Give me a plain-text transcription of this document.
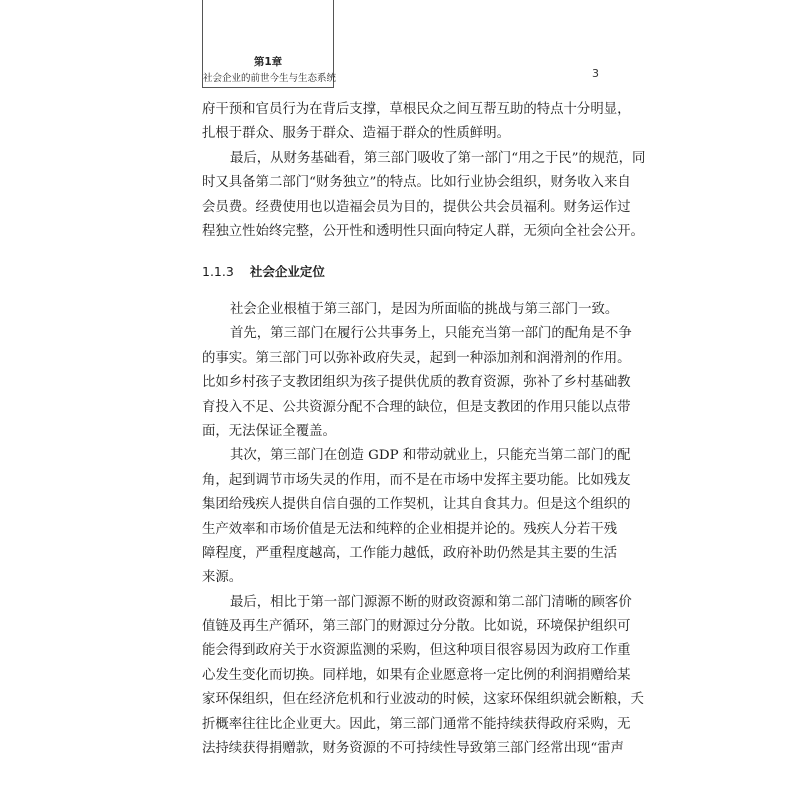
第1章
社会企业的前世今生与生态系统	3
府干预和官员行为在背后支撑，草根民众之间互帮互助的特点十分明显，
扎根于群众、服务于群众、造福于群众的性质鲜明。
最后，从财务基础看，第三部门吸收了第一部门“用之于民”的规范，同
时又具备第二部门“财务独立”的特点。比如行业协会组织，财务收入来自
会员费。经费使用也以造福会员为目的，提供公共会员福利。财务运作过
程独立性始终完整，公开性和透明性只面向特定人群，无须向全社会公开。
1.1.3 社会企业定位
社会企业根植于第三部门，是因为所面临的挑战与第三部门一致。
首先，第三部门在履行公共事务上，只能充当第一部门的配角是不争
的事实。第三部门可以弥补政府失灵，起到一种添加剂和润滑剂的作用。
比如乡村孩子支教团组织为孩子提供优质的教育资源，弥补了乡村基础教
育投入不足、公共资源分配不合理的缺位，但是支教团的作用只能以点带
面，无法保证全覆盖。
其次，第三部门在创造 GDP 和带动就业上，只能充当第二部门的配
角，起到调节市场失灵的作用，而不是在市场中发挥主要功能。比如残友
集团给残疾人提供自信自强的工作契机，让其自食其力。但是这个组织的
生产效率和市场价值是无法和纯粹的企业相提并论的。残疾人分若干残
障程度，严重程度越高，工作能力越低，政府补助仍然是其主要的生活
来源。
最后，相比于第一部门源源不断的财政资源和第二部门清晰的顾客价
值链及再生产循环，第三部门的财源过分分散。比如说，环境保护组织可
能会得到政府关于水资源监测的采购，但这种项目很容易因为政府工作重
心发生变化而切换。同样地，如果有企业愿意将一定比例的利润捐赠给某
家环保组织，但在经济危机和行业波动的时候，这家环保组织就会断粮，夭
折概率往往比企业更大。因此，第三部门通常不能持续获得政府采购，无
法持续获得捐赠款，财务资源的不可持续性导致第三部门经常出现“雷声
